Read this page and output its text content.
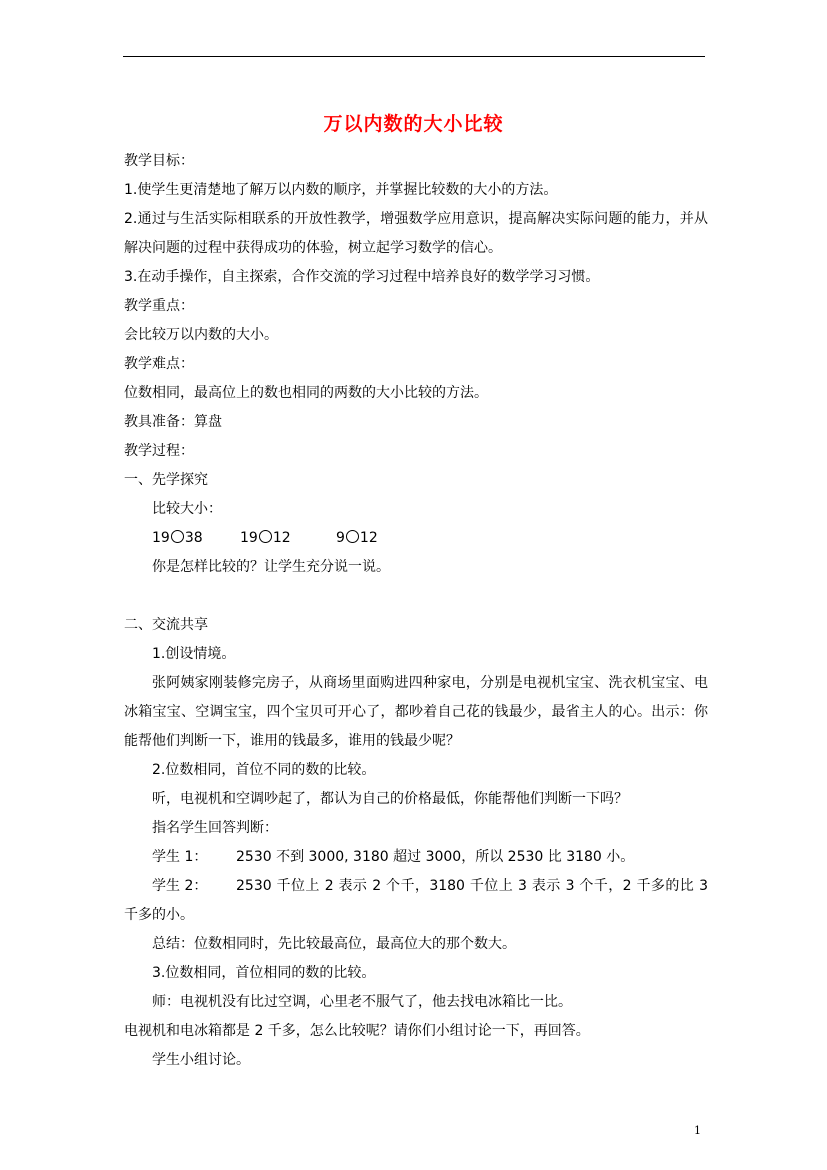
万以内数的大小比较
教学目标：
1.使学生更清楚地了解万以内数的顺序，并掌握比较数的大小的方法。
2.通过与生活实际相联系的开放性教学，增强数学应用意识，提高解决实际问题的能力，并从解决问题的过程中获得成功的体验，树立起学习数学的信心。
3.在动手操作，自主探索，合作交流的学习过程中培养良好的数学学习习惯。
教学重点：
会比较万以内数的大小。
教学难点：
位数相同，最高位上的数也相同的两数的大小比较的方法。
教具准备：算盘
教学过程：
一、先学探究
比较大小：
19 38	19 12	9 12
你是怎样比较的？让学生充分说一说。
二、交流共享
1.创设情境。
张阿姨家刚装修完房子，从商场里面购进四种家电，分别是电视机宝宝、洗衣机宝宝、电冰箱宝宝、空调宝宝，四个宝贝可开心了，都吵着自己花的钱最少，最省主人的心。出示：你能帮他们判断一下，谁用的钱最多，谁用的钱最少呢？
2.位数相同，首位不同的数的比较。
听，电视机和空调吵起了，都认为自己的价格最低，你能帮他们判断一下吗？
指名学生回答判断：
学生 1： 2530 不到 3000, 3180 超过 3000，所以 2530 比 3180 小。
学生 2： 2530 千位上 2 表示 2 个千，3180 千位上 3 表示 3 个千，2 千多的比 3 千多的小。
总结：位数相同时，先比较最高位，最高位大的那个数大。
3.位数相同，首位相同的数的比较。
师：电视机没有比过空调，心里老不服气了，他去找电冰箱比一比。
电视机和电冰箱都是 2 千多，怎么比较呢？请你们小组讨论一下，再回答。
学生小组讨论。
1
